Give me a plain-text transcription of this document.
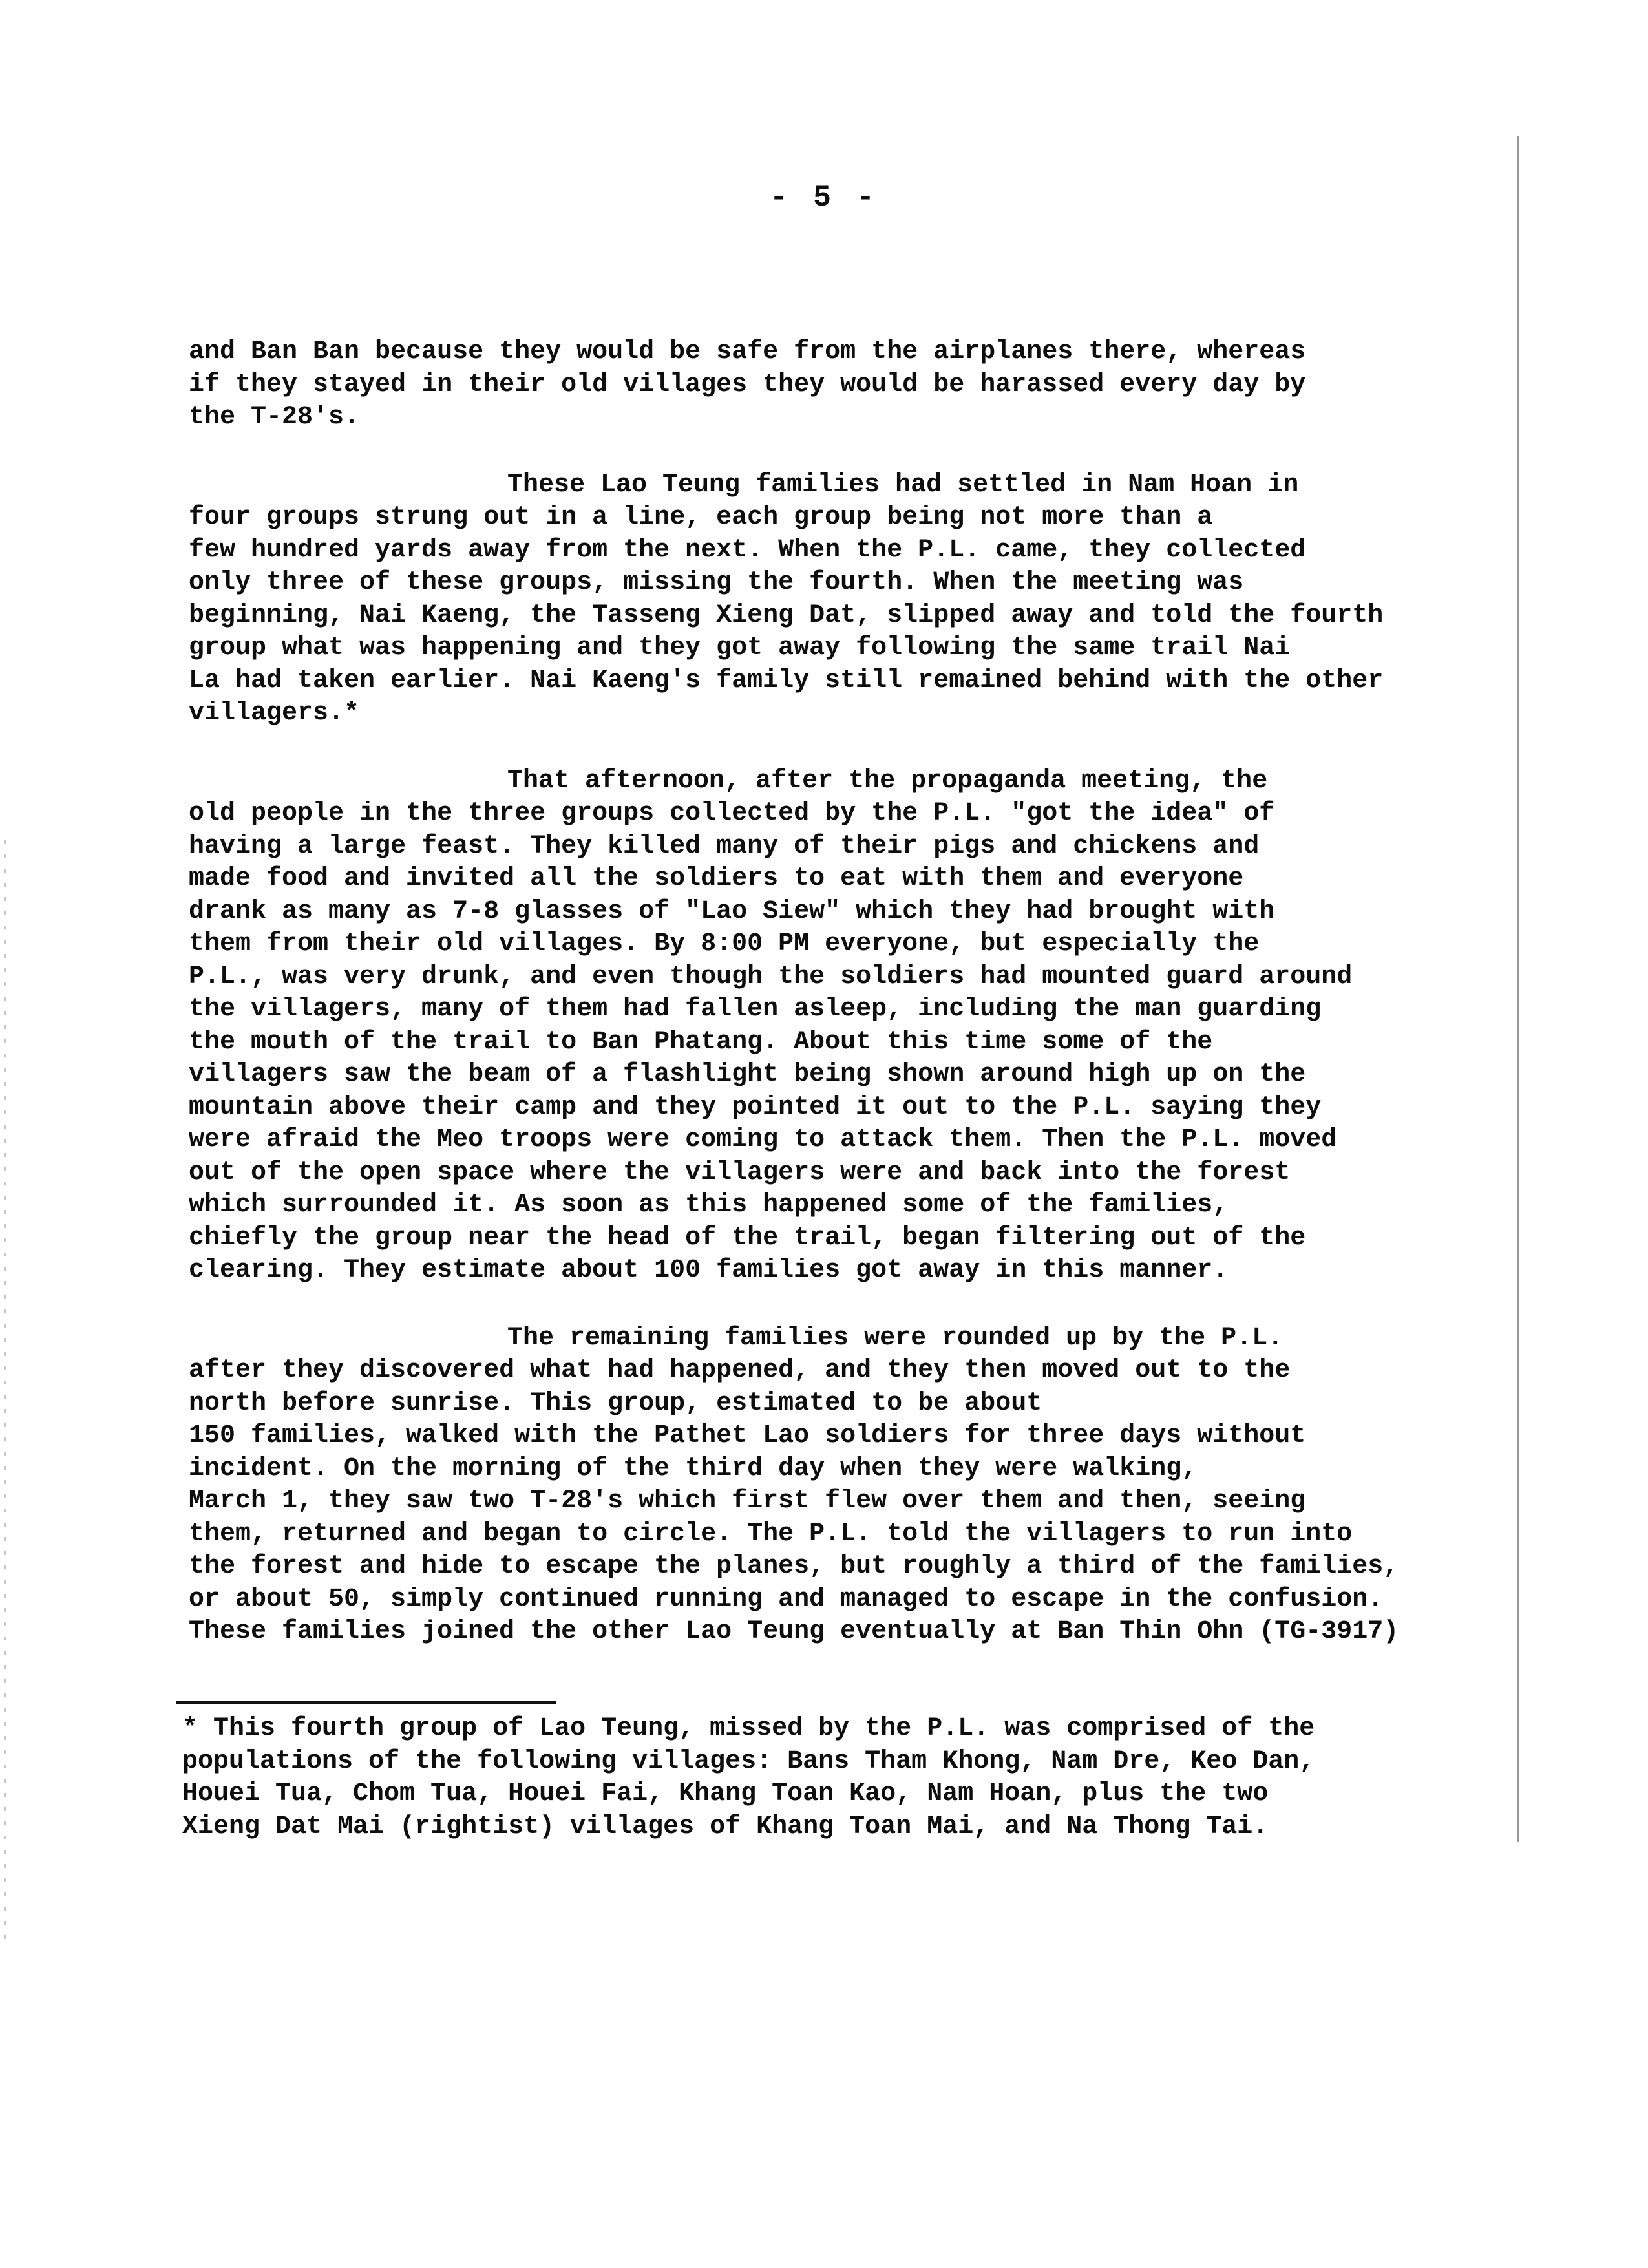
- 5 -

and Ban Ban because they would be safe from the airplanes there, whereas
if they stayed in their old villages they would be harassed every day by
the T-28's.

These Lao Teung families had settled in Nam Hoan in
four groups strung out in a line, each group being not more than a
few hundred yards away from the next. When the P.L. came, they collected
only three of these groups, missing the fourth. When the meeting was
beginning, Nai Kaeng, the Tasseng Xieng Dat, slipped away and told the fourth
group what was happening and they got away following the same trail Nai
La had taken earlier. Nai Kaeng's family still remained behind with the other
villagers.*

That afternoon, after the propaganda meeting, the
old people in the three groups collected by the P.L. "got the idea" of
having a large feast. They killed many of their pigs and chickens and
made food and invited all the soldiers to eat with them and everyone
drank as many as 7-8 glasses of "Lao Siew" which they had brought with
them from their old villages. By 8:00 PM everyone, but especially the
P.L., was very drunk, and even though the soldiers had mounted guard around
the villagers, many of them had fallen asleep, including the man guarding
the mouth of the trail to Ban Phatang. About this time some of the
villagers saw the beam of a flashlight being shown around high up on the
mountain above their camp and they pointed it out to the P.L. saying they
were afraid the Meo troops were coming to attack them. Then the P.L. moved
out of the open space where the villagers were and back into the forest
which surrounded it. As soon as this happened some of the families,
chiefly the group near the head of the trail, began filtering out of the
clearing. They estimate about 100 families got away in this manner.

The remaining families were rounded up by the P.L.
after they discovered what had happened, and they then moved out to the
north before sunrise. This group, estimated to be about
150 families, walked with the Pathet Lao soldiers for three days without
incident. On the morning of the third day when they were walking,
March 1, they saw two T-28's which first flew over them and then, seeing
them, returned and began to circle. The P.L. told the villagers to run into
the forest and hide to escape the planes, but roughly a third of the families,
or about 50, simply continued running and managed to escape in the confusion.
These families joined the other Lao Teung eventually at Ban Thin Ohn (TG-3917)

* This fourth group of Lao Teung, missed by the P.L. was comprised of the
populations of the following villages: Bans Tham Khong, Nam Dre, Keo Dan,
Houei Tua, Chom Tua, Houei Fai, Khang Toan Kao, Nam Hoan, plus the two
Xieng Dat Mai (rightist) villages of Khang Toan Mai, and Na Thong Tai.
